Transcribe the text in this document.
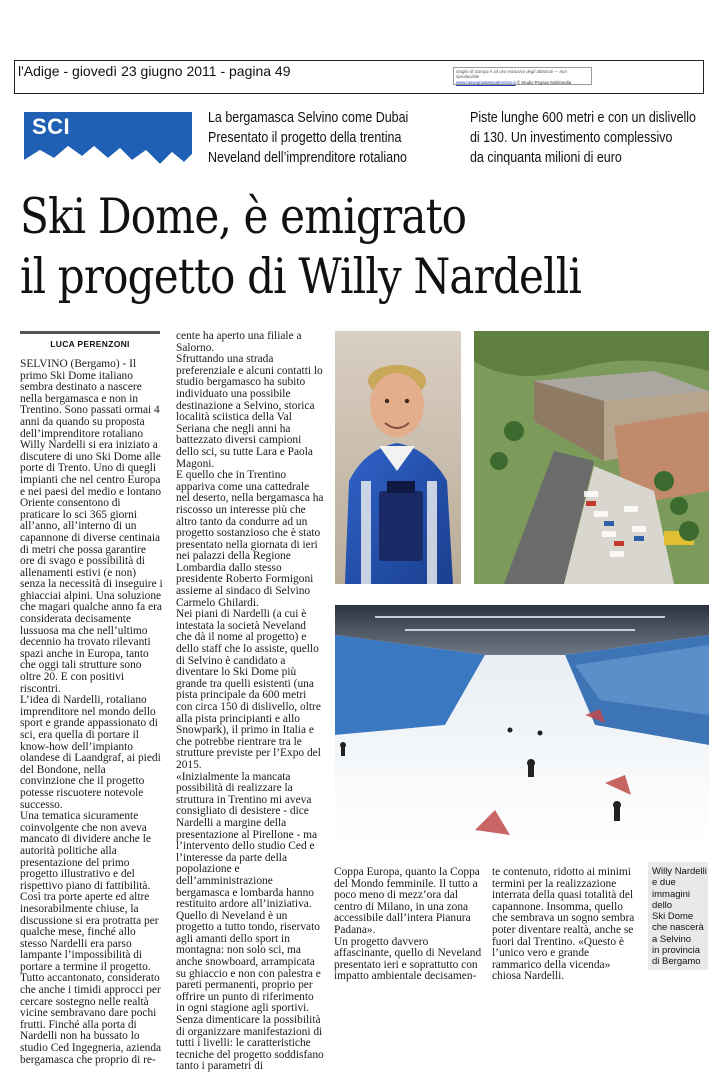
l'Adige - giovedì 23 giugno 2011 - pagina 49	ritaglio di stampa è ad uso esclusivo degli abbonati — non riproducibile
www.rassegnastampatrentino.it © Studio Pegaso Multimedia
SCI	La bergamasca Selvino come Dubai
Presentato il progetto della trentina
Neveland dell’imprenditore rotaliano
Piste lunghe 600 metri e con un dislivello
di 130. Un investimento complessivo
da cinquanta milioni di euro
Ski Dome, è emigrato
il progetto di Willy Nardelli
LUCA PERENZONI

SELVINO (Bergamo) - Il primo Ski Dome italiano sembra destinato a nascere nella bergamasca e non in Trentino. Sono passati ormai 4 anni da quando su proposta dell’imprenditore rotaliano Willy Nardelli si era iniziato a discutere di uno Ski Dome alle porte di Trento. Uno di quegli impianti che nel centro Europa e nei paesi del medio e lontano Oriente consentono di praticare lo sci 365 giorni all’anno, all’interno di un capannone di diverse centinaia di metri che possa garantire ore di svago e possibilità di allenamenti estivi (e non) senza la necessità di inseguire i ghiacciai alpini. Una soluzione che magari qualche anno fa era considerata decisamente lussuosa ma che nell’ultimo decennio ha trovato rilevanti spazi anche in Europa, tanto che oggi tali strutture sono oltre 20. E con positivi riscontri.

L’idea di Nardelli, rotaliano imprenditore nel mondo dello sport e grande appassionato di sci, era quella di portare il know-how dell’impianto olandese di Laandgraf, ai piedi del Bondone, nella convinzione che il progetto potesse riscuotere notevole successo.

Una tematica sicuramente coinvolgente che non aveva mancato di dividere anche le autorità politiche alla presentazione del primo progetto illustrativo e del rispettivo piano di fattibilità.

Così tra porte aperte ed altre inesorabilmente chiuse, la discussione si era protratta per qualche mese, finché allo stesso Nardelli era parso lampante l’impossibilità di portare a termine il progetto.

Tutto accantonato, considerato che anche i timidi approcci per cercare sostegno nelle realtà vicine sembravano dare pochi frutti. Finché alla porta di Nardelli non ha bussato lo studio Ced Ingegneria, azienda bergamasca che proprio di re-

cente ha aperto una filiale a Salorno.

Sfruttando una strada preferenziale e alcuni contatti lo studio bergamasco ha subito individuato una possibile destinazione a Selvino, storica località sciistica della Val Seriana che negli anni ha battezzato diversi campioni dello sci, su tutte Lara e Paola Magoni.

E quello che in Trentino appariva come una cattedrale nel deserto, nella bergamasca ha riscosso un interesse più che altro tanto da condurre ad un progetto sostanzioso che è stato presentato nella giornata di ieri nei palazzi della Regione Lombardia dallo stesso presidente Roberto Formigoni assieme al sindaco di Selvino Carmelo Ghilardi.

Nei piani di Nardelli (a cui è intestata la società Neveland che dà il nome al progetto) e dello staff che lo assiste, quello di Selvino è candidato a diventare lo Ski Dome più grande tra quelli esistenti (una pista principale da 600 metri con circa 150 di dislivello, oltre alla pista principianti e allo Snowpark), il primo in Italia e che potrebbe rientrare tra le strutture previste per l’Expo del 2015.

«Inizialmente la mancata possibilità di realizzare la struttura in Trentino mi aveva consigliato di desistere - dice Nardelli a margine della presentazione al Pirellone - ma l’intervento dello studio Ced e l’interesse da parte della popolazione e dell’amministrazione bergamasca e lombarda hanno restituito ardore all’iniziativa. Quello di Neveland è un progetto a tutto tondo, riservato agli amanti dello sport in montagna: non solo sci, ma anche snowboard, arrampicata su ghiaccio e non con palestra e pareti permanenti, proprio per offrire un punto di riferimento in ogni stagione agli sportivi. Senza dimenticare la possibilità di organizzare manifestazioni di tutti i livelli: le caratteristiche tecniche del progetto soddisfano tanto i parametri di

Coppa Europa, quanto la Coppa del Mondo femminile. Il tutto a poco meno di mezz’ora dal centro di Milano, in una zona accessibile dall’intera Pianura Padana».

Un progetto davvero affascinante, quello di Neveland presentato ieri e soprattutto con impatto ambientale decisamen-

te contenuto, ridotto ai minimi termini per la realizzazione interrata della quasi totalità del capannone. Insomma, quello che sembrava un sogno sembra poter diventare realtà, anche se fuori dal Trentino. «Questo è l’unico vero e grande rammarico della vicenda» chiosa Nardelli.

Willy Nardelli
e due
immagini dello
Ski Dome
che nascerà
a Selvino
in provincia
di Bergamo
